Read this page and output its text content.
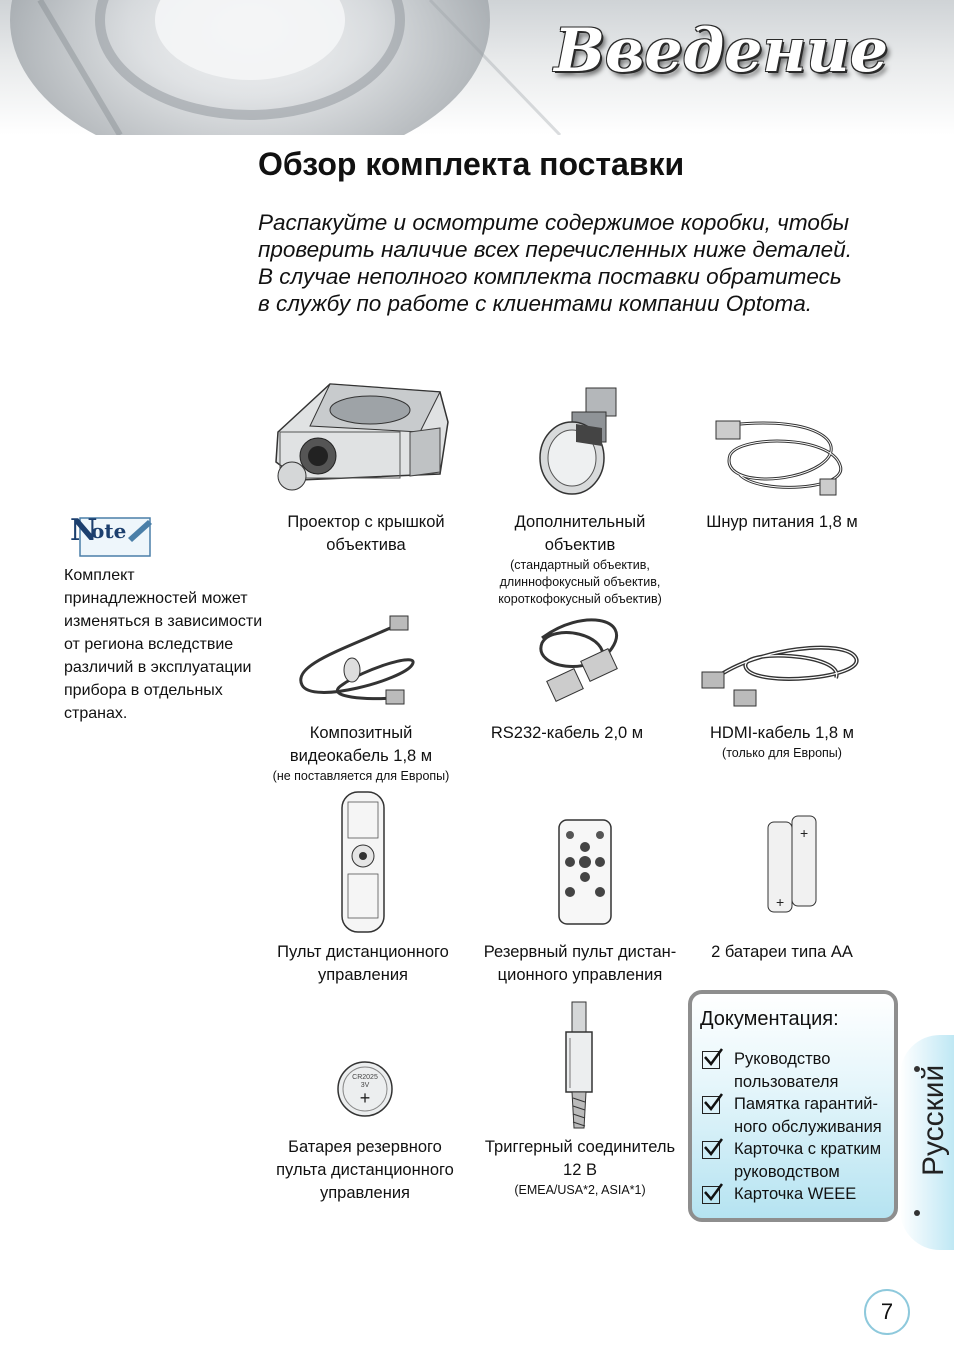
Введение
Обзор комплекта поставки

Распакуйте и осмотрите содержимое коробки, чтобы проверить наличие всех перечисленных ниже деталей. В случае неполного комплекта поставки обратитесь в службу по работе с клиентами компании Optoma.

N
ote

Комплект принадлежностей может изменяться в зависимости от региона вследствие различий в эксплуатации прибора в отдельных странах.

Проектор с крышкой
объектива
Дополнительный
объектив
(стандартный объектив,
длиннофокусный объектив,
короткофокусный объектив)
Шнур питания 1,8 м
Композитный
видеокабель 1,8 м
(не поставляется для Европы)
RS232-кабель 2,0 м	HDMI-кабель 1,8 м
(только для Европы)
+
+
Пульт дистанционного
управления
Резервный пульт дистан-
ционного управления
2 батареи типа AA
CR2025
3V
+
Батарея резервного
пульта дистанционного
управления
Триггерный соединитель
12 В
(EMEA/USA*2, ASIA*1)
Русский

Документация:

Руководство
пользователя
Памятка гарантий-
ного обслуживания
Карточка с кратким
руководством
Карточка WEEE
7
